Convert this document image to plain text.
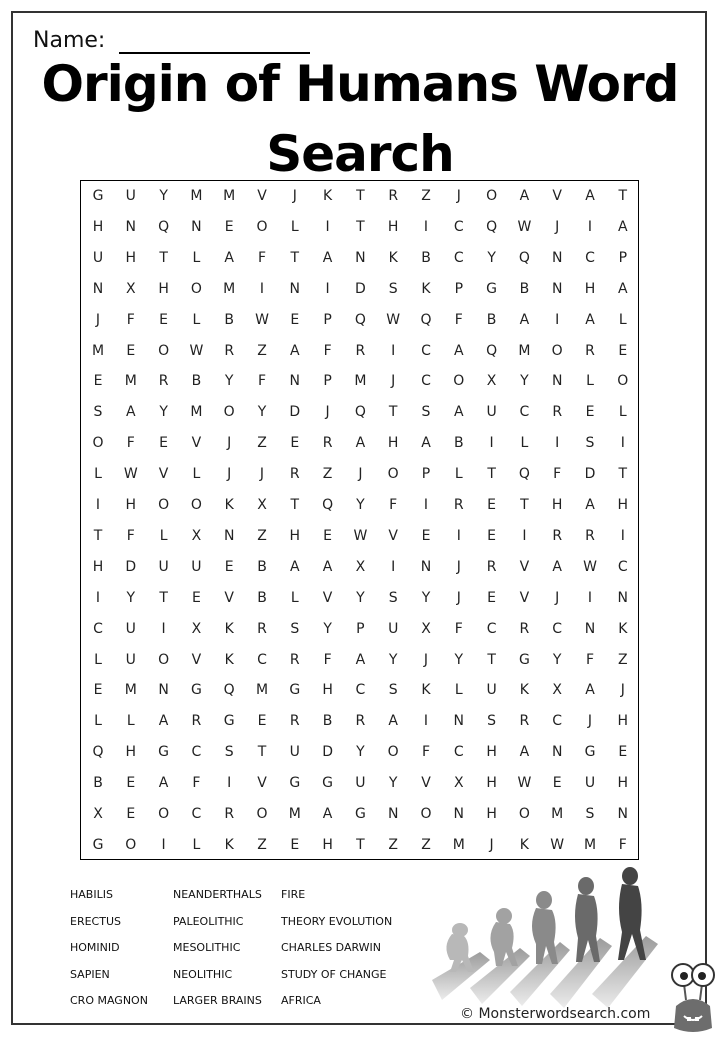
Name:
Origin of Humans Word
Search
G	U	Y	M	M	V	J	K	T	R	Z	J	O	A	V	A	T
H	N	Q	N	E	O	L	I	T	H	I	C	Q	W	J	I	A
U	H	T	L	A	F	T	A	N	K	B	C	Y	Q	N	C	P
N	X	H	O	M	I	N	I	D	S	K	P	G	B	N	H	A
J	F	E	L	B	W	E	P	Q	W	Q	F	B	A	I	A	L
M	E	O	W	R	Z	A	F	R	I	C	A	Q	M	O	R	E
E	M	R	B	Y	F	N	P	M	J	C	O	X	Y	N	L	O
S	A	Y	M	O	Y	D	J	Q	T	S	A	U	C	R	E	L
O	F	E	V	J	Z	E	R	A	H	A	B	I	L	I	S	I
L	W	V	L	J	J	R	Z	J	O	P	L	T	Q	F	D	T
I	H	O	O	K	X	T	Q	Y	F	I	R	E	T	H	A	H
T	F	L	X	N	Z	H	E	W	V	E	I	E	I	R	R	I
H	D	U	U	E	B	A	A	X	I	N	J	R	V	A	W	C
I	Y	T	E	V	B	L	V	Y	S	Y	J	E	V	J	I	N
C	U	I	X	K	R	S	Y	P	U	X	F	C	R	C	N	K
L	U	O	V	K	C	R	F	A	Y	J	Y	T	G	Y	F	Z
E	M	N	G	Q	M	G	H	C	S	K	L	U	K	X	A	J
L	L	A	R	G	E	R	B	R	A	I	N	S	R	C	J	H
Q	H	G	C	S	T	U	D	Y	O	F	C	H	A	N	G	E
B	E	A	F	I	V	G	G	U	Y	V	X	H	W	E	U	H
X	E	O	C	R	O	M	A	G	N	O	N	H	O	M	S	N
G	O	I	L	K	Z	E	H	T	Z	Z	M	J	K	W	M	F
HABILIS
ERECTUS
HOMINID
SAPIEN
CRO MAGNON
NEANDERTHALS
PALEOLITHIC
MESOLITHIC
NEOLITHIC
LARGER BRAINS
FIRE
THEORY EVOLUTION
CHARLES DARWIN
STUDY OF CHANGE
AFRICA
© Monsterwordsearch.com
